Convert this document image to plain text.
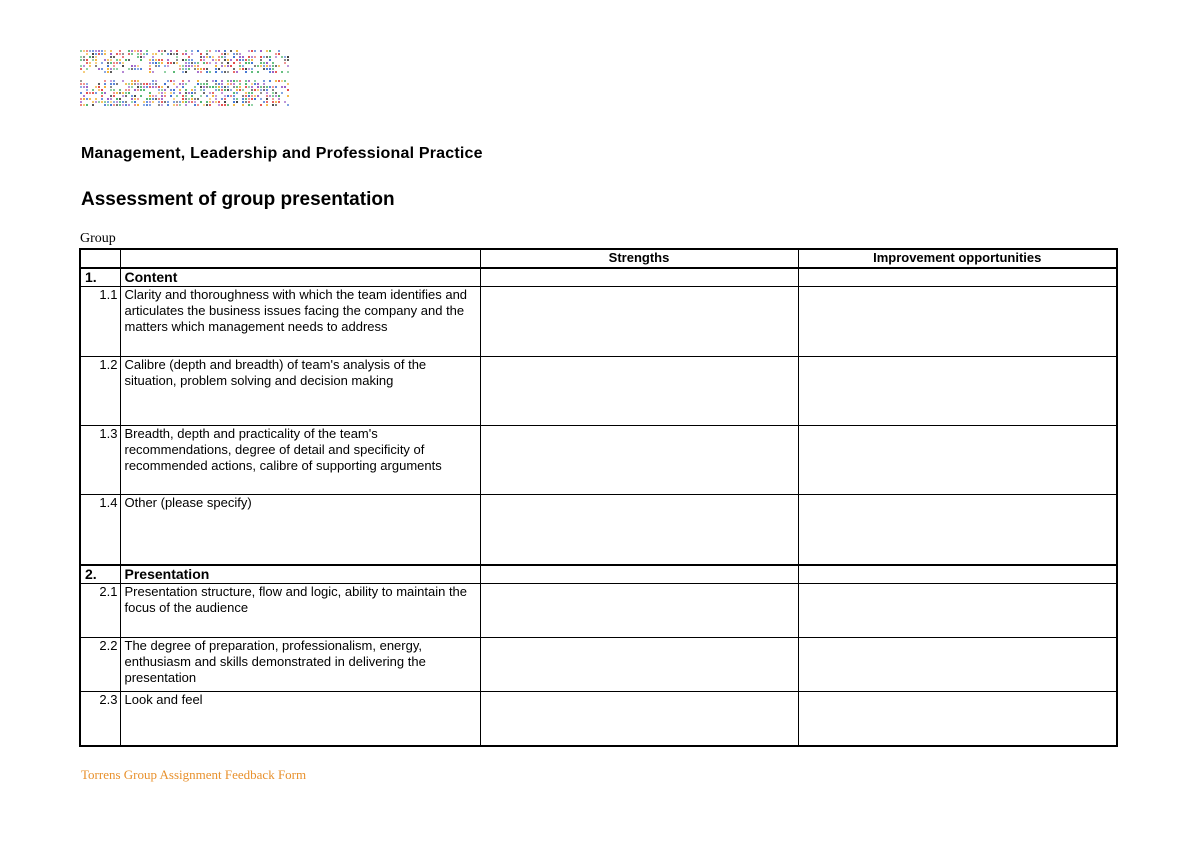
Management, Leadership and Professional Practice
Assessment of group presentation
Group
		Strengths	Improvement opportunities
1.	Content		
1.1	Clarity and thoroughness with which the team identifies and articulates the business issues facing the company and the matters which management needs to address		
1.2	Calibre (depth and breadth) of team's analysis of the situation, problem solving and decision making		
1.3	Breadth, depth and practicality of the team's recommendations, degree of detail and specificity of recommended actions, calibre of supporting arguments		
1.4	Other (please specify)		
2.	Presentation		
2.1	Presentation structure, flow and logic, ability to maintain the focus of the audience		
2.2	The degree of preparation, professionalism, energy, enthusiasm and skills demonstrated in delivering the presentation		
2.3	Look and feel		
Torrens Group Assignment Feedback Form
